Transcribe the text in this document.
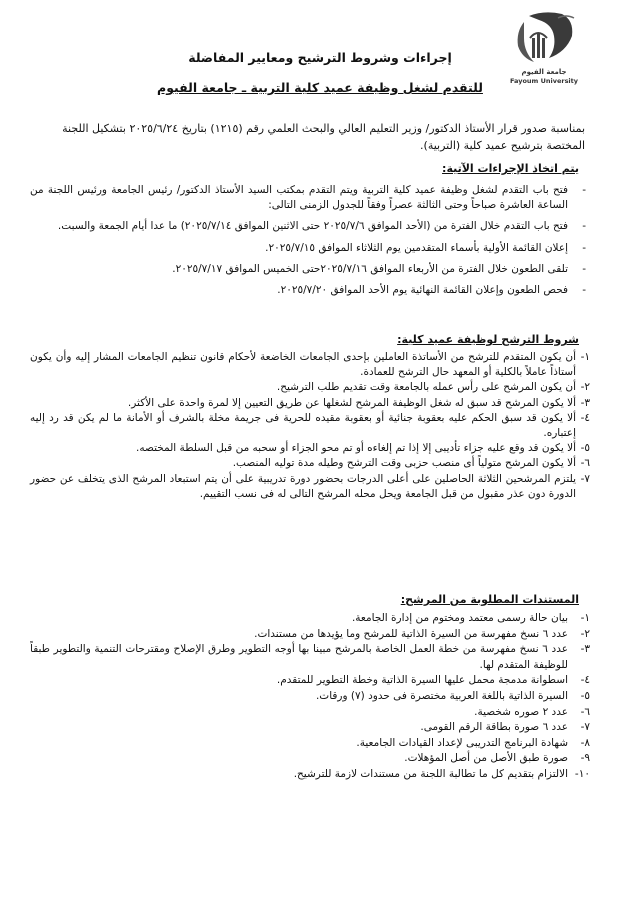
جامعة الفيوم
Fayoum University
إجراءات وشروط الترشيح ومعايير المفاضلة
للتقدم لشغل وظيفة عميد كلية التربية ـ جامعة الفيوم
بمناسبة صدور قرار الأستاذ الدكتور/ وزير التعليم العالي والبحث العلمي رقم (١٢١٥) بتاريخ ٢٠٢٥/٦/٢٤ بتشكيل اللجنة المختصة بترشيح عميد كلية (التربية).
يتم اتخاذ الإجراءات الآتية:
-
فتح باب التقدم لشغل وظيفة عميد كلية التربية ويتم التقدم بمكتب السيد الأستاذ الدكتور/ رئيس الجامعة ورئيس اللجنة من الساعة العاشرة صباحاً وحتى الثالثة عصراً وفقاً للجدول الزمنى التالى:
-
فتح باب التقدم خلال الفترة من (الأحد الموافق ٢٠٢٥/٧/٦ حتى الاثنين الموافق ٢٠٢٥/٧/١٤) ما عدا أيام الجمعة والسبت.
-
إعلان القائمة الأولية بأسماء المتقدمين يوم الثلاثاء الموافق ٢٠٢٥/٧/١٥.
-
تلقى الطعون خلال الفترة من الأربعاء الموافق ٢٠٢٥/٧/١٦حتى الخميس الموافق ٢٠٢٥/٧/١٧.
-
فحص الطعون وإعلان القائمة النهائية يوم الأحد الموافق ٢٠٢٥/٧/٢٠.
شروط الترشح لوظيفة عميد كلية:
١-
أن يكون المتقدم للترشح من الأساتذة العاملين بإحدى الجامعات الخاضعة لأحكام قانون تنظيم الجامعات المشار إليه وأن يكون أستاذاً عاملاً بالكلية أو المعهد حال الترشح للعمادة.
٢-
أن يكون المرشح على رأس عمله بالجامعة وقت تقديم طلب الترشيح.
٣-
ألا يكون المرشح قد سبق له شغل الوظيفة المرشح لشغلها عن طريق التعيين إلا لمرة واحدة على الأكثر.
٤-
ألا يكون قد سبق الحكم عليه بعقوبة جنائية أو بعقوبة مقيده للحرية فى جريمة مخلة بالشرف أو الأمانة ما لم يكن قد رد إليه إعتباره.
٥-
ألا يكون قد وقع عليه جزاء تأديبى إلا إذا تم إلغاءه أو تم محو الجزاء أو سحبه من قبل السلطة المختصه.
٦-
ألا يكون المرشح متولياً أى منصب حزبى وقت الترشح وطيله مدة توليه المنصب.
٧-
يلتزم المرشحين الثلاثة الحاصلين على أعلى الدرجات بحضور دورة تدريبية على أن يتم استبعاد المرشح الذى يتخلف عن حضور الدورة دون عذر مقبول من قبل الجامعة ويحل محله المرشح التالى له فى نسب التقييم.
المستندات المطلوبة من المرشح:
١-
بيان حالة رسمى معتمد ومختوم من إدارة الجامعة.
٢-
عدد ٦ نسخ مفهرسة من السيرة الذاتية للمرشح وما يؤيدها من مستندات.
٣-
عدد ٦ نسخ مفهرسة من خطة العمل الخاصة بالمرشح مبينا بها أوجه التطوير وطرق الإصلاح ومقترحات التنمية والتطوير طبقاً للوظيفة المتقدم لها.
٤-
اسطوانة مدمجة محمل عليها السيرة الذاتية وخطة التطوير للمتقدم.
٥-
السيرة الذاتية باللغة العربية مختصرة فى حدود (٧) ورقات.
٦-
عدد ٢ صوره شخصية.
٧-
عدد ٦ صورة بطاقة الرقم القومى.
٨-
شهادة البرنامج التدريبى لإعداد القيادات الجامعية.
٩-
صورة طبق الأصل من أصل المؤهلات.
١٠-
الالتزام بتقديم كل ما تطالبة اللجنة من مستندات لازمة للترشيح.
